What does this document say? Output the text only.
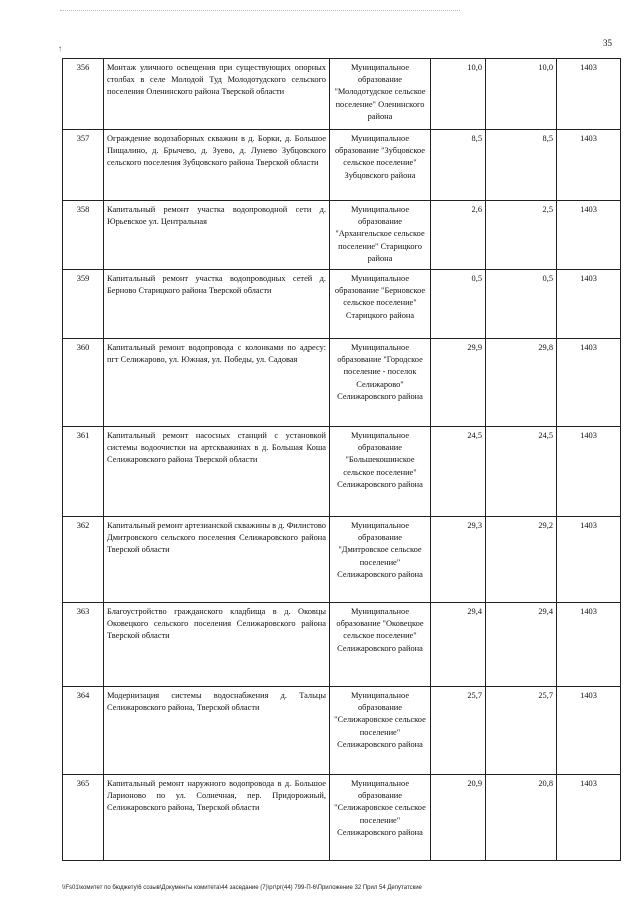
↑
35
356	Монтаж уличного освещения при существующих опорных столбах в селе Молодой Туд Молодотудского сельского поселения Оленинского района Тверской области	Муниципальное образование "Молодотудское сельское поселение" Оленинского района	10,0	10,0	1403
357	Ограждение водозаборных скважин в д. Борки, д. Большое Пищалино, д. Брычево, д. Зуево, д. Лунево Зубцовского сельского поселения Зубцовского района Тверской области	Муниципальное образование "Зубцовское сельское поселение" Зубцовского района	8,5	8,5	1403
358	Капитальный ремонт участка водопроводной сети д. Юрьевское ул. Центральная	Муниципальное образование "Архангельское сельское поселение" Старицкого района	2,6	2,5	1403
359	Капитальный ремонт участка водопроводных сетей д. Берново Старицкого района Тверской области	Муниципальное образование "Берновское сельское поселение" Старицкого района	0,5	0,5	1403
360	Капитальный ремонт водопровода с колонками по адресу: пгт Селижарово, ул. Южная, ул. Победы, ул. Садовая	Муниципальное образование "Городское поселение - поселок Селижарово" Селижаровского района	29,9	29,8	1403
361	Капитальный ремонт насосных станций с установкой системы водоочистки на артскважинах в д. Большая Коша Селижаровского района Тверской области	Муниципальное образование "Большекошинское сельское поселение" Селижаровского района	24,5	24,5	1403
362	Капитальный ремонт артезианской скважины в д. Филистово Дмитровского сельского поселения Селижаровского района Тверской области	Муниципальное образование "Дмитровское сельское поселение" Селижаровского района	29,3	29,2	1403
363	Благоустройство гражданского кладбища в д. Оковцы Оковецкого сельского поселения Селижаровского района Тверской области	Муниципальное образование "Оковецкое сельское поселение" Селижаровского района	29,4	29,4	1403
364	Модернизация системы водоснабжения д. Тальцы Селижаровского района, Тверской области	Муниципальное образование "Селижаровское сельское поселение" Селижаровского района	25,7	25,7	1403
365	Капитальный ремонт наружного водопровода в д. Большое Ларионово по ул. Солнечная, пер. Придорожный, Селижаровского района, Тверской области	Муниципальное образование "Селижаровское сельское поселение" Селижаровского района	20,9	20,8	1403
\\Fs01\комитет по бюджету\6 созыв\Документы комитета\44 заседание (7)\рг\рг(44) 799-П-6\Приложение 32 Прил 54 Депутатские
